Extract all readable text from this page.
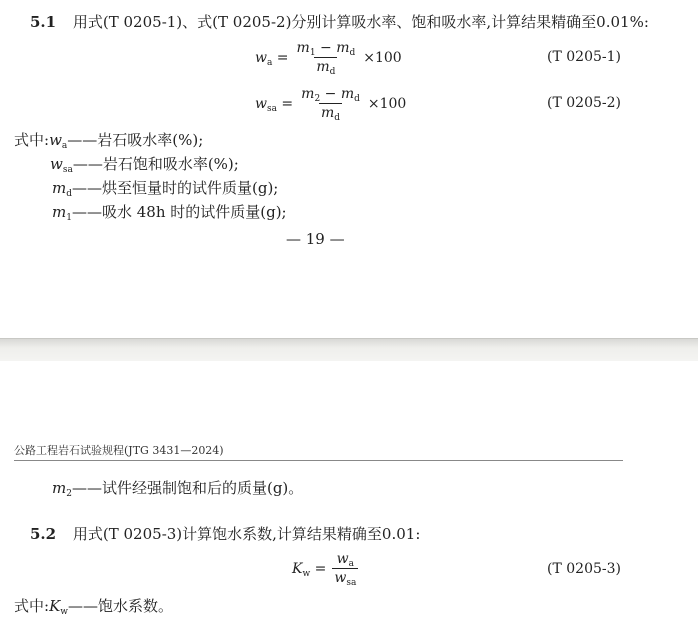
5.1 用式(T 0205-1)、式(T 0205-2)分别计算吸水率、饱和吸水率,计算结果精确至0.01%:
$w_a = \frac{m_1 - m_d}{m_d} \times 100$	(T 0205-1)
$w_{sa} = \frac{m_2 - m_d}{m_d} \times 100$	(T 0205-2)
式中$:w_a——$岩石吸水率(%);
$w_{sa}——$岩石饱和吸水率(%);
$m_d——$烘至恒量时的试件质量(g);
$m_1——$吸水 48h 时的试件质量(g);
— 19 —
公路工程岩石试验规程(JTG 3431—2024)
$m_2——$试件经强制饱和后的质量(g)。
5.2 用式(T 0205-3)计算饱水系数,计算结果精确至0.01:
$K_w = \frac{w_a}{w_{sa}}$	(T 0205-3)
式中$:K_w——$饱水系数。
